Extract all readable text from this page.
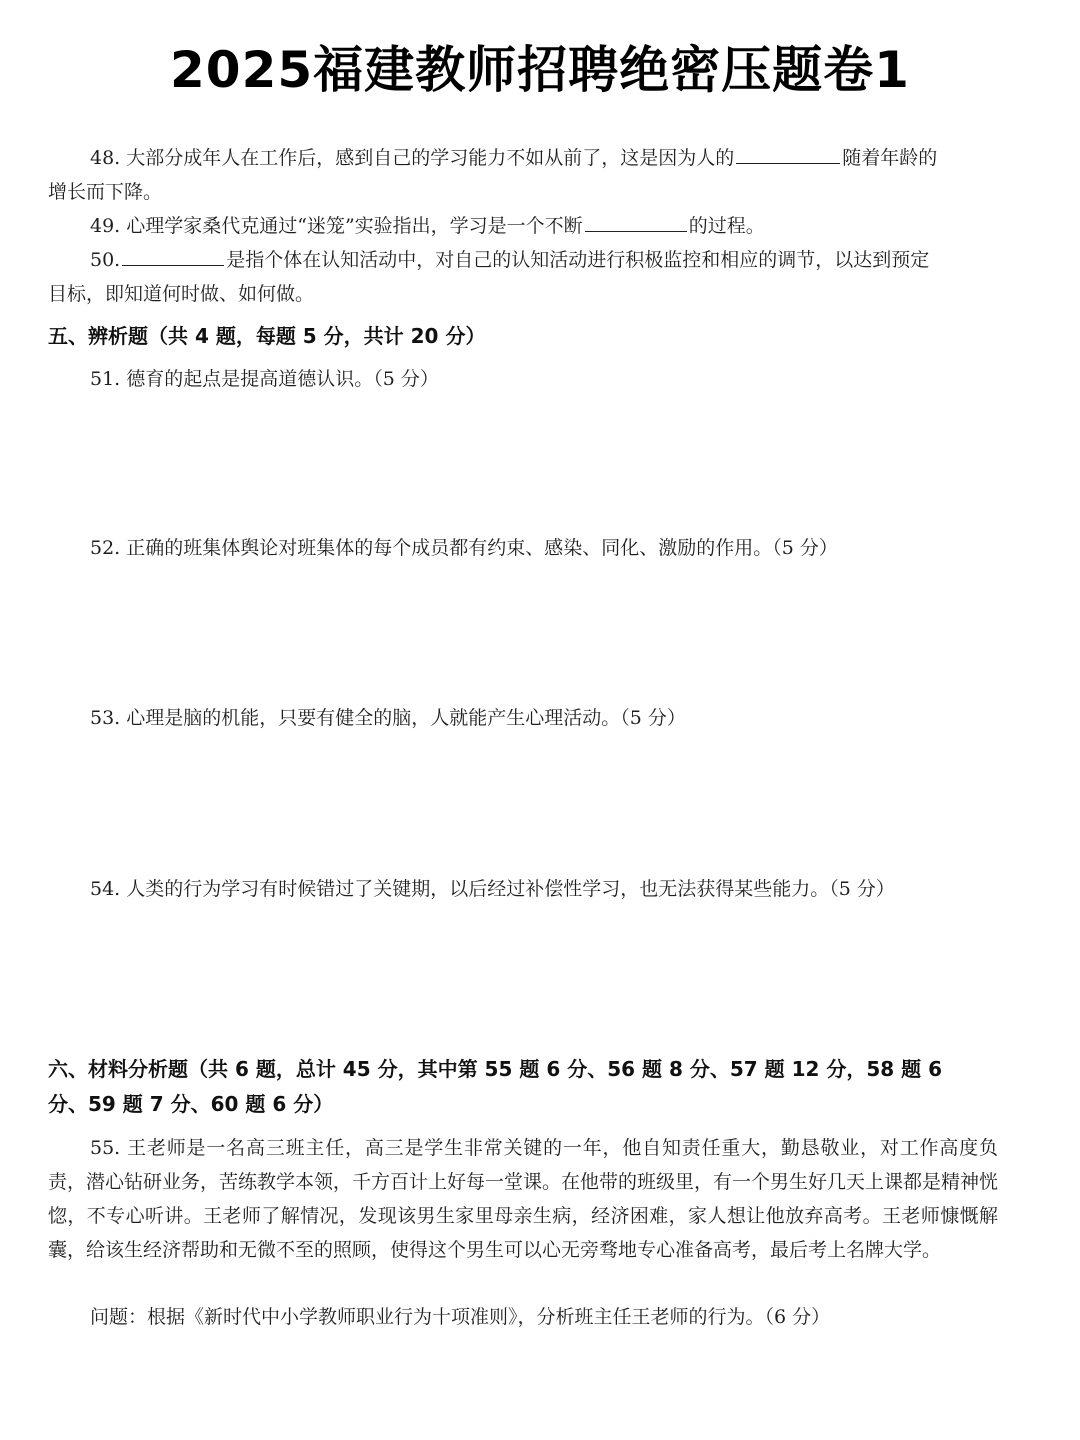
2025福建教师招聘绝密压题卷1
48. 大部分成年人在工作后，感到自己的学习能力不如从前了，这是因为人的	随着年龄的
增长而下降。
49. 心理学家桑代克通过“迷笼”实验指出，学习是一个不断	的过程。
50.	是指个体在认知活动中，对自己的认知活动进行积极监控和相应的调节，以达到预定
目标，即知道何时做、如何做。
五、辨析题（共 4 题，每题 5 分，共计 20 分）
51. 德育的起点是提高道德认识。（5 分）
52. 正确的班集体舆论对班集体的每个成员都有约束、感染、同化、激励的作用。（5 分）
53. 心理是脑的机能，只要有健全的脑，人就能产生心理活动。（5 分）
54. 人类的行为学习有时候错过了关键期，以后经过补偿性学习，也无法获得某些能力。（5 分）
六、材料分析题（共 6 题，总计 45 分，其中第 55 题 6 分、56 题 8 分、57 题 12 分，58 题 6
分、59 题 7 分、60 题 6 分）
55. 王老师是一名高三班主任，高三是学生非常关键的一年，他自知责任重大，勤恳敬业，对工作高度负责，潜心钻研业务，苦练教学本领，千方百计上好每一堂课。在他带的班级里，有一个男生好几天上课都是精神恍惚，不专心听讲。王老师了解情况，发现该男生家里母亲生病，经济困难，家人想让他放弃高考。王老师慷慨解囊，给该生经济帮助和无微不至的照顾，使得这个男生可以心无旁骛地专心准备高考，最后考上名牌大学。
问题：根据《新时代中小学教师职业行为十项准则》，分析班主任王老师的行为。（6 分）
